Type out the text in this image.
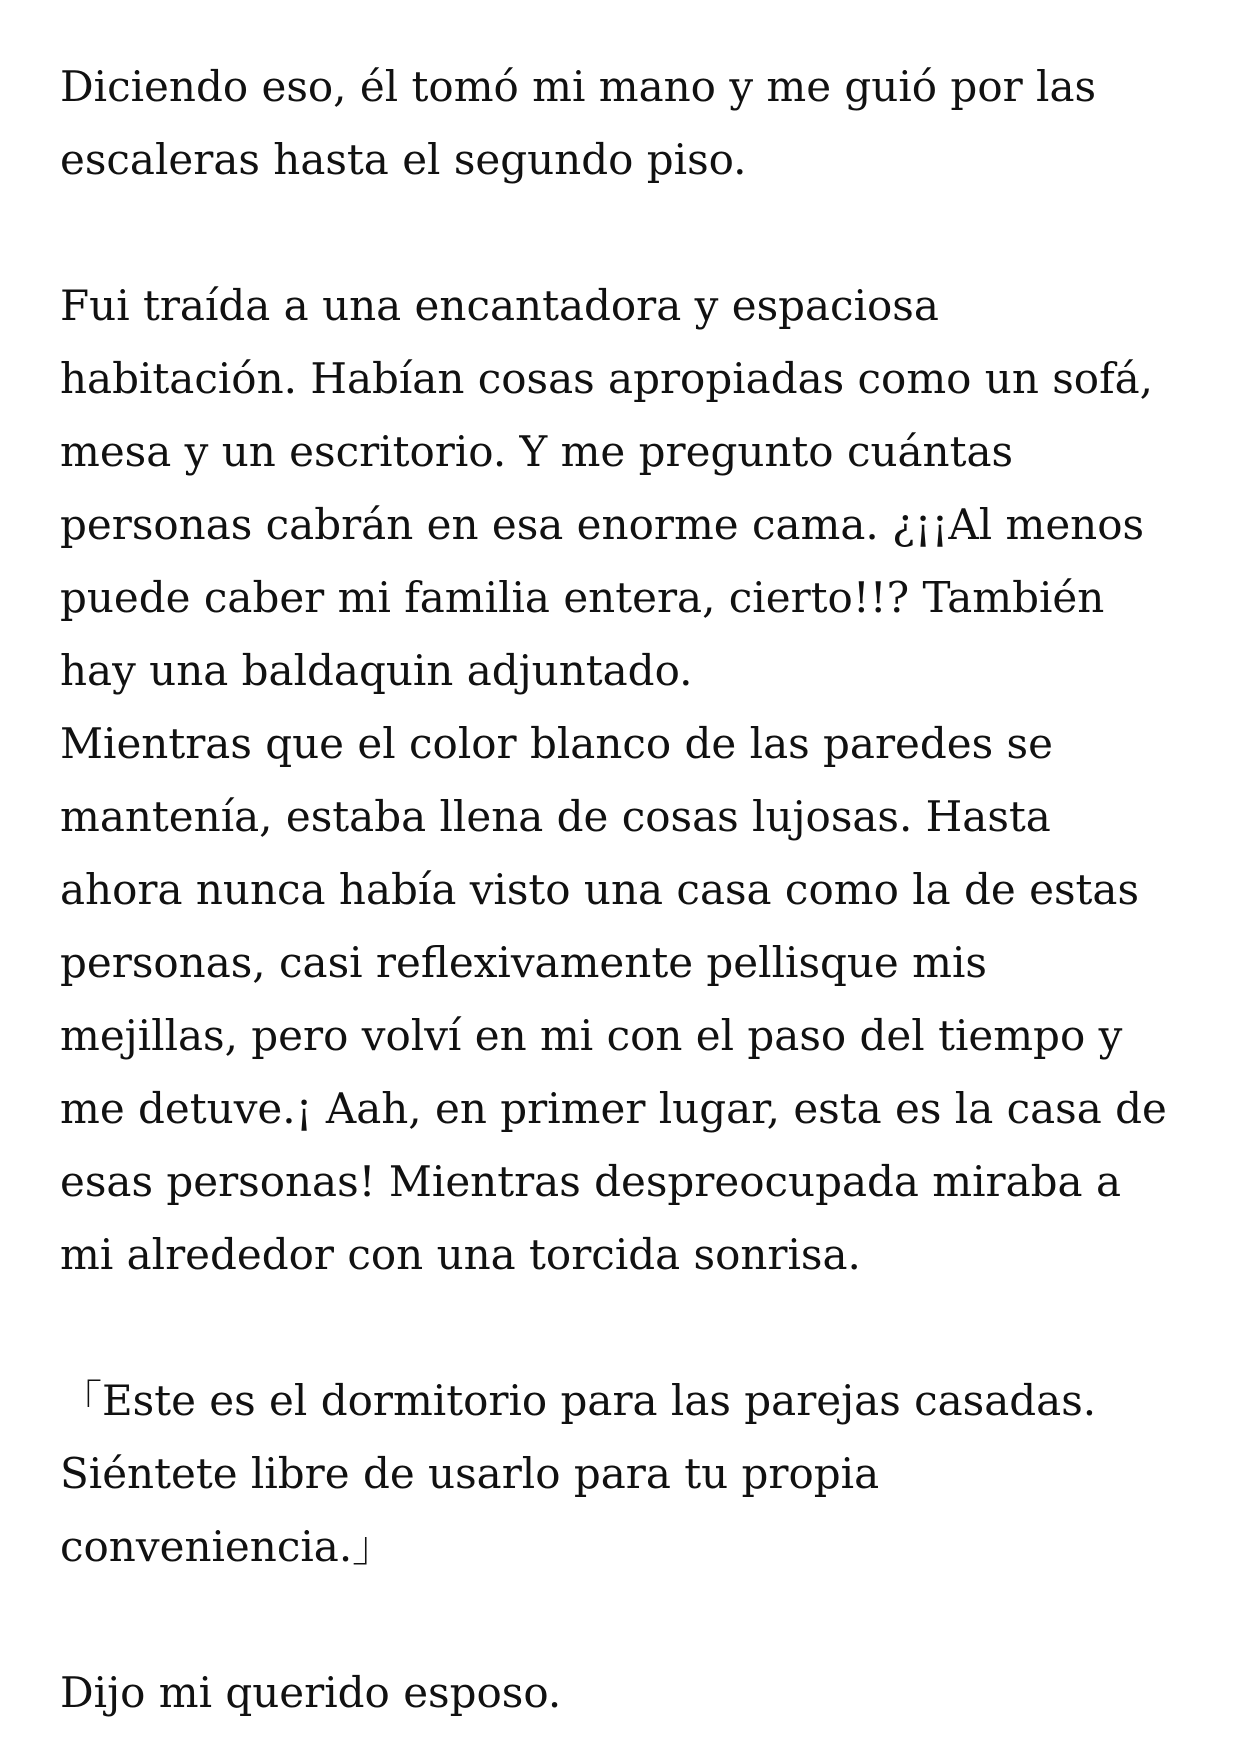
Diciendo eso, él tomó mi mano y me guió por las
escaleras hasta el segundo piso.

Fui traída a una encantadora y espaciosa
habitación. Habían cosas apropiadas como un sofá,
mesa y un escritorio. Y me pregunto cuántas
personas cabrán en esa enorme cama. ¿¡¡Al menos
puede caber mi familia entera, cierto!!? También
hay una baldaquin adjuntado.
Mientras que el color blanco de las paredes se
mantenía, estaba llena de cosas lujosas. Hasta
ahora nunca había visto una casa como la de estas
personas, casi reflexivamente pellisque mis
mejillas, pero volví en mi con el paso del tiempo y
me detuve.¡ Aah, en primer lugar, esta es la casa de
esas personas! Mientras despreocupada miraba a
mi alrededor con una torcida sonrisa.

「Este es el dormitorio para las parejas casadas.
Siéntete libre de usarlo para tu propia
conveniencia.」

Dijo mi querido esposo.
